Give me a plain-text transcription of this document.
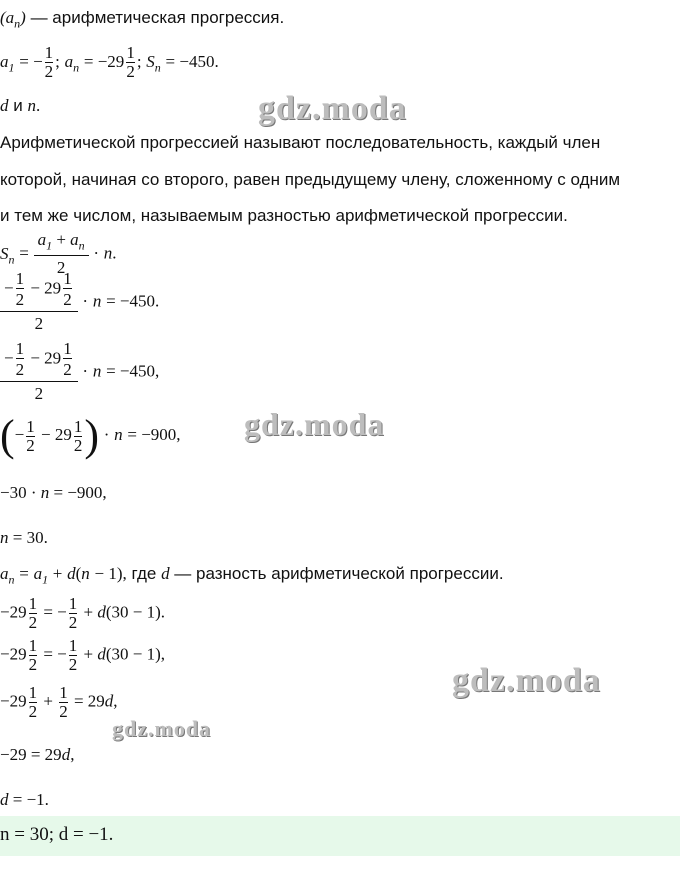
$(a_n)$ — арифметическая прогрессия.
$a_1$ = − $\frac{1}{2}$ ; $a_n = -29 \frac{1}{2}$ ; $S_n = -450$.
d и n.
Арифметической прогрессией называют последовательность, каждый член
которой, начиная со второго, равен предыдущему члену, сложенному с одним
и тем же числом, называемым разностью арифметической прогрессии.
$S_n = \frac{a_1 + a_n}{2} \cdot n$.
$\frac{- \frac{1}{2} - 29 \frac{1}{2}}{2} \cdot n = -450$.
$\frac{- \frac{1}{2} - 29 \frac{1}{2}}{2} \cdot n = -450$,
(− $\frac{1}{2} - 29 \frac{1}{2}$ ) · n = −900,
−30 · n = −900,
n = 30.
$a_n = a_1 + d(n - 1)$, где d — разность арифметической прогрессии.
$-29 \frac{1}{2}$ = − $\frac{1}{2} + d(30 - 1)$.
$-29 \frac{1}{2}$ = − $\frac{1}{2} + d(30 - 1)$,
$-29 \frac{1}{2} + \frac{1}{2} = 29d$,
−29 = 29d,
d = −1.
n = 30; d = −1.
gdz.moda
gdz.moda
gdz.moda
gdz.moda
